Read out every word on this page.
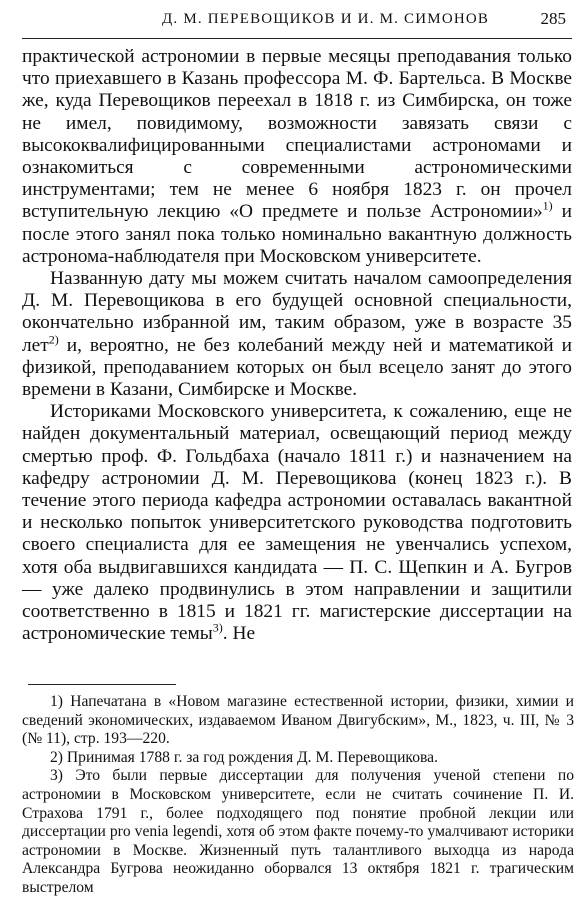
Д. М. ПЕРЕВОЩИКОВ И И. М. СИМОНОВ	285

практической астрономии в первые месяцы преподавания только что приехавшего в Казань профессора М. Ф. Бартельса. В Москве же, куда Перевощиков переехал в 1818 г. из Симбирска, он тоже не имел, повидимому, возможности завязать связи с высококвалифицированными специалистами астрономами и ознакомиться с современными астрономическими инструментами; тем не менее 6 ноября 1823 г. он прочел вступительную лекцию «О предмете и пользе Астрономии»$^{1)}$ и после этого занял пока только номинально вакантную должность астронома-наблюдателя при Московском университете.

Названную дату мы можем считать началом самоопределения Д. М. Перевощикова в его будущей основной специальности, окончательно избранной им, таким образом, уже в возрасте 35 лет$^{2)}$ и, вероятно, не без колебаний между ней и математикой и физикой, преподаванием которых он был всецело занят до этого времени в Казани, Симбирске и Москве.

Историками Московского университета, к сожалению, еще не найден документальный материал, освещающий период между смертью проф. Ф. Гольдбаха (начало 1811 г.) и назначением на кафедру астрономии Д. М. Перевощикова (конец 1823 г.). В течение этого периода кафедра астрономии оставалась вакантной и несколько попыток университетского руководства подготовить своего специалиста для ее замещения не увенчались успехом, хотя оба выдвигавшихся кандидата — П. С. Щепкин и А. Бугров — уже далеко продвинулись в этом направлении и защитили соответственно в 1815 и 1821 гг. магистерские диссертации на астрономические темы$^{3)}$. Не

1) Напечатана в «Новом магазине естественной истории, физики, химии и сведений экономических, издаваемом Иваном Двигубским», М., 1823, ч. III, № 3 (№ 11), стр. 193—220.

2) Принимая 1788 г. за год рождения Д. М. Перевощикова.

3) Это были первые диссертации для получения ученой степени по астрономии в Московском университете, если не считать сочинение П. И. Страхова 1791 г., более подходящего под понятие пробной лекции или диссертации pro venia legendi, хотя об этом факте почему-то умалчивают историки астрономии в Москве. Жизненный путь талантливого выходца из народа Александра Бугрова неожиданно оборвался 13 октября 1821 г. трагическим выстрелом
